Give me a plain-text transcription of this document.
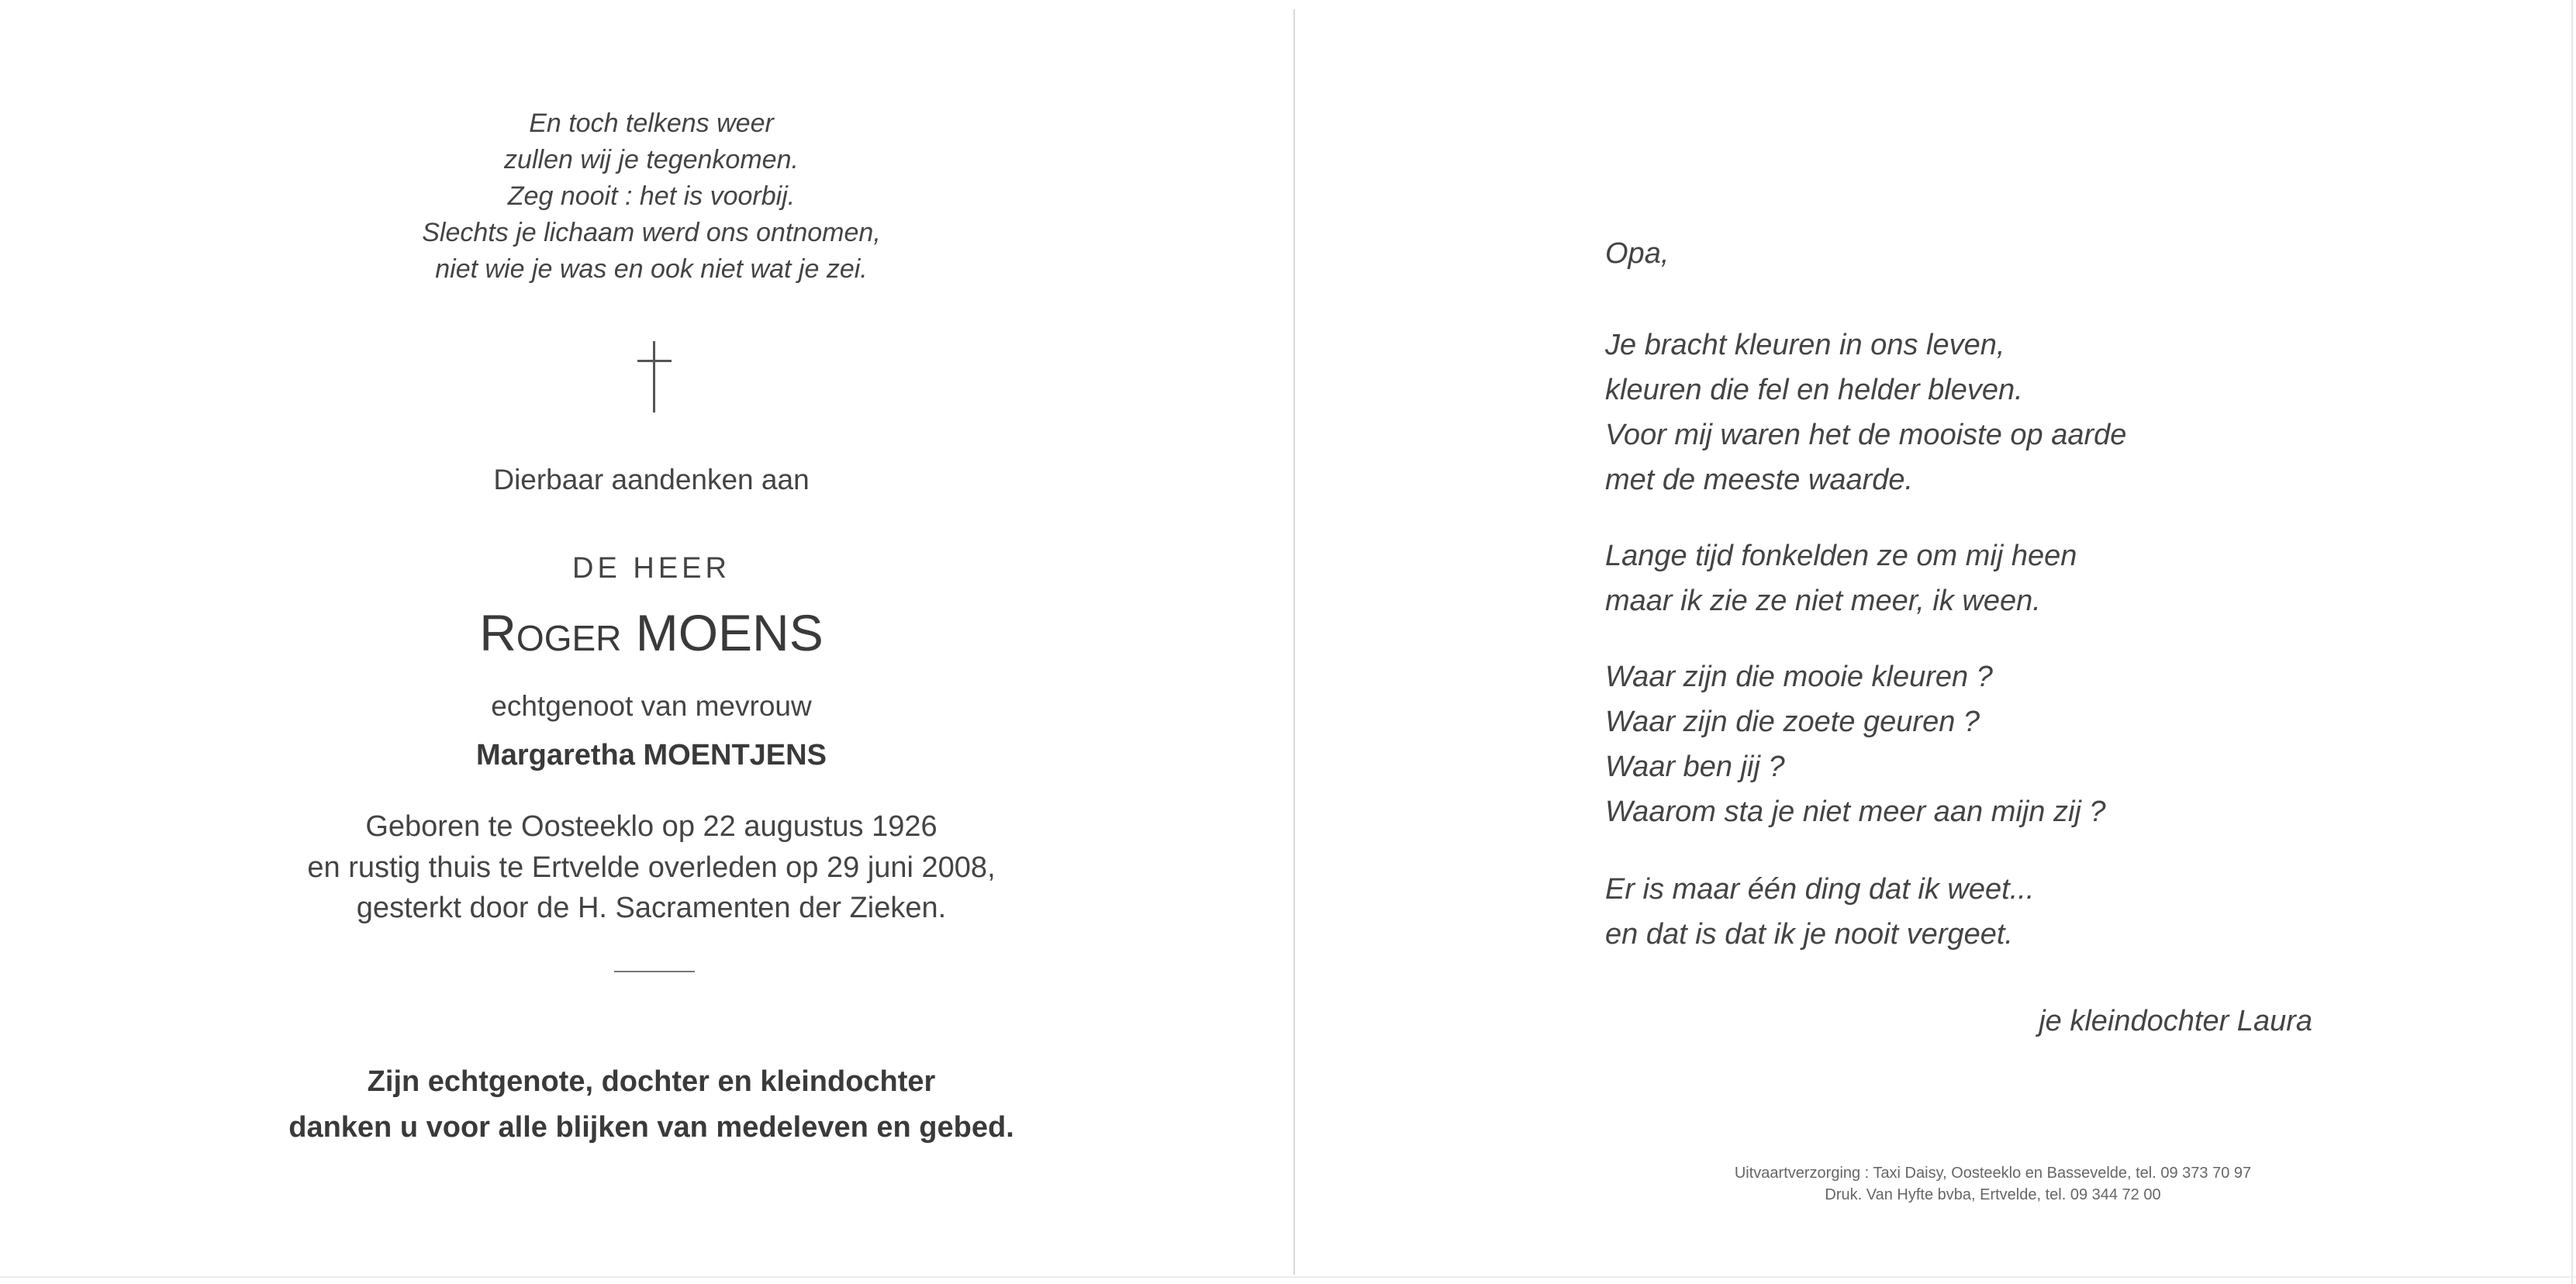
En toch telkens weer
zullen wij je tegenkomen.
Zeg nooit : het is voorbij.
Slechts je lichaam werd ons ontnomen,
niet wie je was en ook niet wat je zei.
Dierbaar aandenken aan
DE HEER
Roger MOENS
echtgenoot van mevrouw
Margaretha MOENTJENS
Geboren te Oosteeklo op 22 augustus 1926
en rustig thuis te Ertvelde overleden op 29 juni 2008,
gesterkt door de H. Sacramenten der Zieken.
Zijn echtgenote, dochter en kleindochter
danken u voor alle blijken van medeleven en gebed.
Opa,
Je bracht kleuren in ons leven,
kleuren die fel en helder bleven.
Voor mij waren het de mooiste op aarde
met de meeste waarde.
Lange tijd fonkelden ze om mij heen
maar ik zie ze niet meer, ik ween.
Waar zijn die mooie kleuren ?
Waar zijn die zoete geuren ?
Waar ben jij ?
Waarom sta je niet meer aan mijn zij ?
Er is maar één ding dat ik weet...
en dat is dat ik je nooit vergeet.
je kleindochter Laura
Uitvaartverzorging : Taxi Daisy, Oosteeklo en Bassevelde, tel. 09 373 70 97
Druk. Van Hyfte bvba, Ertvelde, tel. 09 344 72 00
